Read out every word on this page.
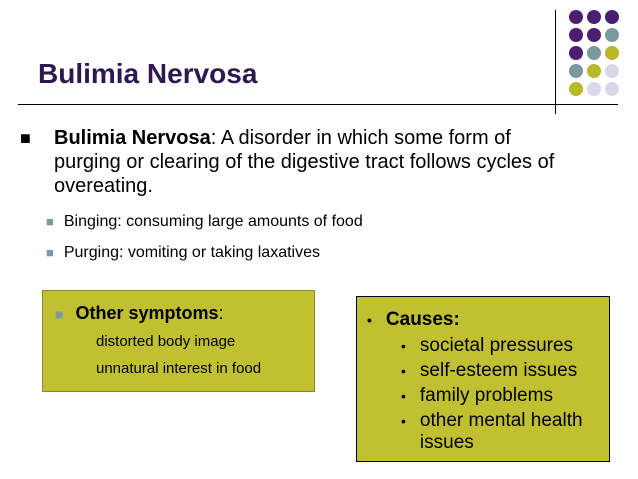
Bulimia Nervosa
■ Bulimia Nervosa: A disorder in which some form of purging or clearing of the digestive tract follows cycles of overeating.
■ Binging: consuming large amounts of food
■ Purging: vomiting or taking laxatives
■ Other symptoms:
distorted body image
unnatural interest in food
• Causes:
• societal pressures
• self-esteem issues
• family problems
• other mental health issues
